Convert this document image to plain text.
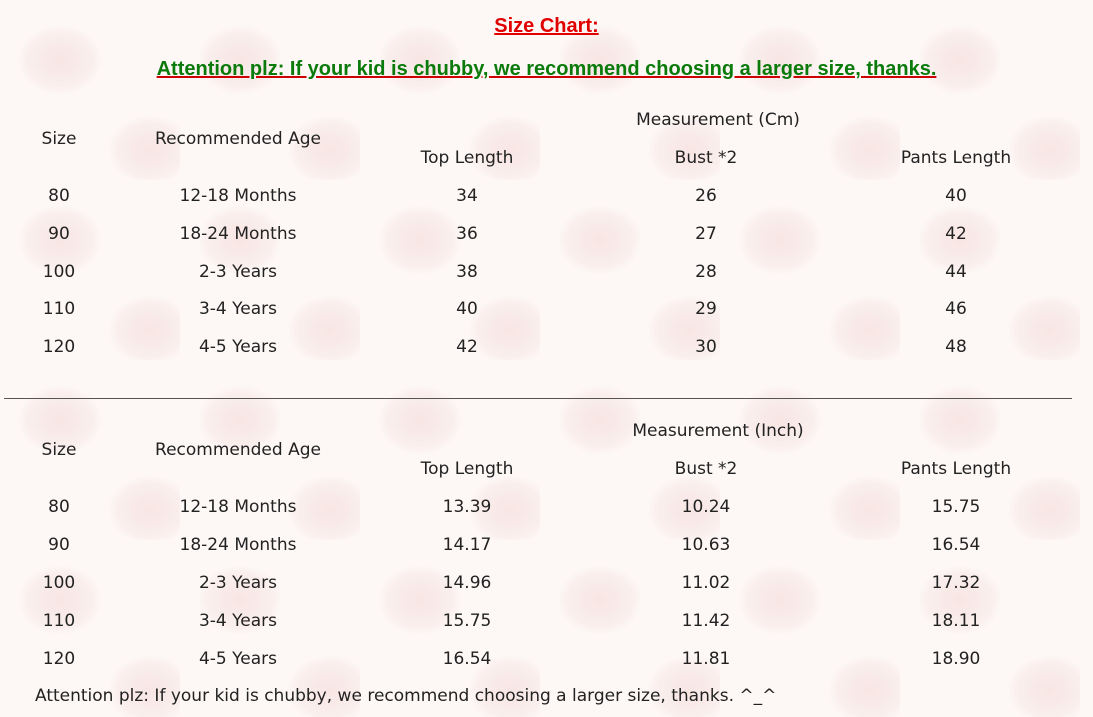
Size Chart:
Attention plz: If your kid is chubby, we recommend choosing a larger size, thanks.
Size	Recommended Age
Measurement (Cm)
Top Length	Bust *2	Pants Length
80	12-18 Months	34	26	40
90	18-24 Months	36	27	42
100	2-3 Years	38	28	44
110	3-4 Years	40	29	46
120	4-5 Years	42	30	48
Size	Recommended Age
Measurement (Inch)
Top Length	Bust *2	Pants Length
80	12-18 Months	13.39	10.24	15.75
90	18-24 Months	14.17	10.63	16.54
100	2-3 Years	14.96	11.02	17.32
110	3-4 Years	15.75	11.42	18.11
120	4-5 Years	16.54	11.81	18.90
Attention plz: If your kid is chubby, we recommend choosing a larger size, thanks. ^_^
